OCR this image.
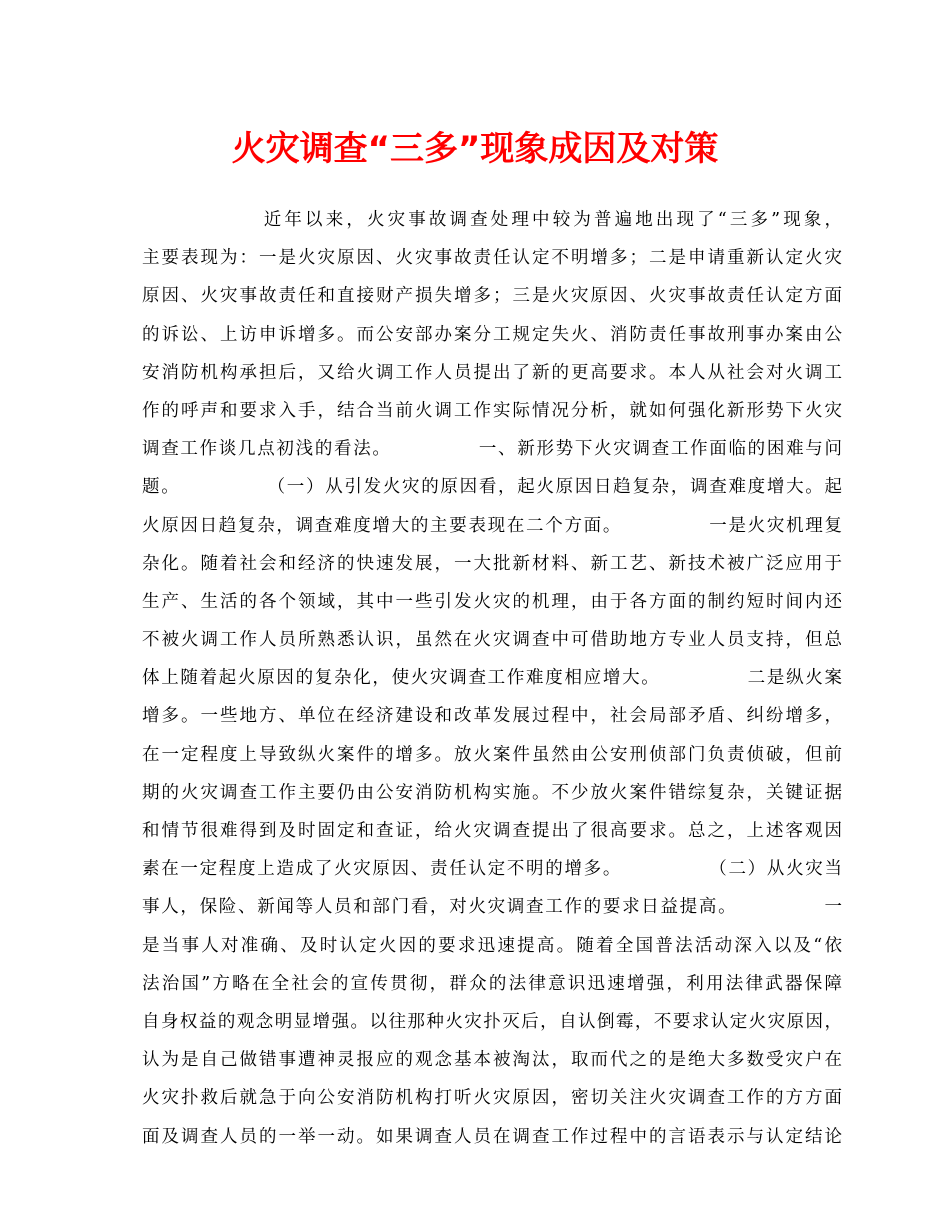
火灾调查“三多”现象成因及对策
近年以来，火灾事故调查处理中较为普遍地出现了“三多”现象，
主要表现为：一是火灾原因、火灾事故责任认定不明增多；二是申请重新认定火灾
原因、火灾事故责任和直接财产损失增多；三是火灾原因、火灾事故责任认定方面
的诉讼、上访申诉增多。而公安部办案分工规定失火、消防责任事故刑事办案由公
安消防机构承担后，又给火调工作人员提出了新的更高要求。本人从社会对火调工
作的呼声和要求入手，结合当前火调工作实际情况分析，就如何强化新形势下火灾
调查工作谈几点初浅的看法。            一、新形势下火灾调查工作面临的困难与问
题。            （一）从引发火灾的原因看，起火原因日趋复杂，调查难度增大。起
火原因日趋复杂，调查难度增大的主要表现在二个方面。            一是火灾机理复
杂化。随着社会和经济的快速发展，一大批新材料、新工艺、新技术被广泛应用于
生产、生活的各个领域，其中一些引发火灾的机理，由于各方面的制约短时间内还
不被火调工作人员所熟悉认识，虽然在火灾调查中可借助地方专业人员支持，但总
体上随着起火原因的复杂化，使火灾调查工作难度相应增大。            二是纵火案
增多。一些地方、单位在经济建设和改革发展过程中，社会局部矛盾、纠纷增多，
在一定程度上导致纵火案件的增多。放火案件虽然由公安刑侦部门负责侦破，但前
期的火灾调查工作主要仍由公安消防机构实施。不少放火案件错综复杂，关键证据
和情节很难得到及时固定和查证，给火灾调查提出了很高要求。总之，上述客观因
素在一定程度上造成了火灾原因、责任认定不明的增多。            （二）从火灾当
事人，保险、新闻等人员和部门看，对火灾调查工作的要求日益提高。            一
是当事人对准确、及时认定火因的要求迅速提高。随着全国普法活动深入以及“依
法治国”方略在全社会的宣传贯彻，群众的法律意识迅速增强，利用法律武器保障
自身权益的观念明显增强。以往那种火灾扑灭后，自认倒霉，不要求认定火灾原因，
认为是自己做错事遭神灵报应的观念基本被淘汰，取而代之的是绝大多数受灾户在
火灾扑救后就急于向公安消防机构打听火灾原因，密切关注火灾调查工作的方方面
面及调查人员的一举一动。如果调查人员在调查工作过程中的言语表示与认定结论
